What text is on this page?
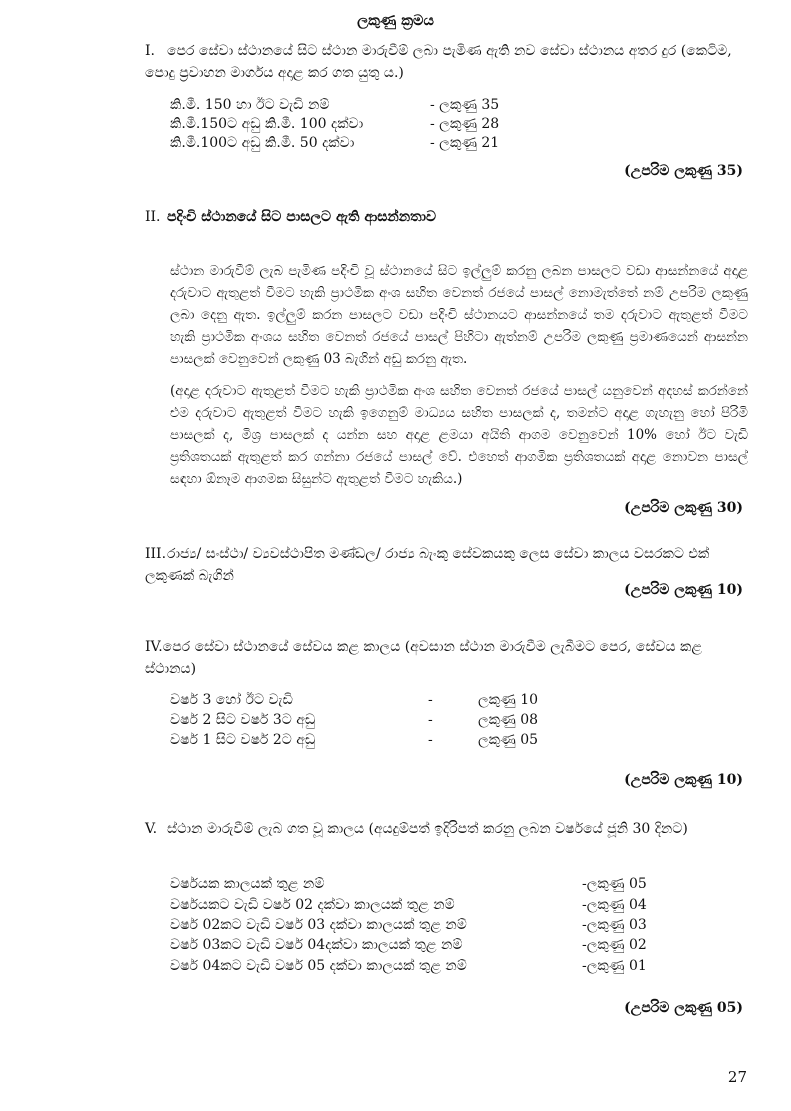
ලකුණු ක්‍රමය
I. පෙර සේවා ස්ථානයේ සිට ස්ථාන මාරුවීම් ලබා පැමිණ ඇති නව සේවා ස්ථානය අතර දුර (කෙටිම, පොදු ප්‍රවාහන මාර්ගය අදාළ කර ගත යුතු ය.)
කි.මී. 150 හා ඊට වැඩි නම්	- ලකුණු 35
කි.මී.150ට අඩු කි.මී. 100 දක්වා	- ලකුණු 28
කි.මී.100ට අඩු කි.මී. 50 දක්වා	- ලකුණු 21
(උපරිම ලකුණු 35)
II. පදිංචි ස්ථානයේ සිට පාසලට ඇති ආසන්නතාව
ස්ථාන මාරුවීම් ලැබ පැමිණ පදිංචි වූ ස්ථානයේ සිට ඉල්ලුම් කරනු ලබන පාසලට වඩා ආසන්නයේ අදාළ දරුවාට ඇතුළත් වීමට හැකි ප්‍රාථමික අංශ සහිත වෙනත් රජයේ පාසල් නොමැත්තේ නම් උපරිම ලකුණු ලබා දෙනු ඇත. ඉල්ලුම් කරන පාසලට වඩා පදිංචි ස්ථානයට ආසන්නයේ තම දරුවාට ඇතුළත් වීමට හැකි ප්‍රාථමික අංශය සහිත වෙනත් රජයේ පාසල් පිහිටා ඇත්නම් උපරිම ලකුණු ප්‍රමාණයෙන් ආසන්න පාසලක් වෙනුවෙන් ලකුණු 03 බැගින් අඩු කරනු ඇත.
(අදාළ දරුවාට ඇතුළත් වීමට හැකි ප්‍රාථමික අංශ සහිත වෙනත් රජයේ පාසල් යනුවෙන් අදහස් කරන්නේ එම දරුවාට ඇතුළත් වීමට හැකි ඉගෙනුම් මාධ්‍යය සහිත පාසලක් ද, තමන්ට අදාළ ගැහැනු හෝ පිරිමි පාසලක් ද, මිශ්‍ර පාසලක් ද යන්න සහ අදාළ ළමයා අයිති ආගම වෙනුවෙන් 10% හෝ ඊට වැඩි ප්‍රතිශතයක් ඇතුළත් කර ගන්නා රජයේ පාසල් වේ. එහෙත් ආගමික ප්‍රතිශතයක් අදාළ නොවන පාසල් සඳහා ඕනෑම ආගමක සිසුන්ට ඇතුළත් වීමට හැකිය.)
(උපරිම ලකුණු 30)
III.රාජ්‍ය/ සංස්ථා/ ව්‍යවස්ථාපිත මණ්ඩල/ රාජ්‍ය බැංකු සේවකයකු ලෙස සේවා කාලය වසරකට එක් ලකුණක් බැගින්
(උපරිම ලකුණු 10)
IV.පෙර සේවා ස්ථානයේ සේවය කළ කාලය (අවසාන ස්ථාන මාරුවීම ලැබීමට පෙර, සේවය කළ ස්ථානය)
වර්ෂ 3 හෝ ඊට වැඩි	-	ලකුණු 10
වර්ෂ 2 සිට වර්ෂ 3ට අඩු	-	ලකුණු 08
වර්ෂ 1 සිට වර්ෂ 2ට අඩු	-	ලකුණු 05
(උපරිම ලකුණු 10)
V. ස්ථාන මාරුවීම් ලැබ ගත වූ කාලය (අයදුම්පත් ඉදිරිපත් කරනු ලබන වර්ෂයේ ජූනි 30 දිනට)
වර්ෂයක කාලයක් තුළ නම්	-ලකුණු 05
වර්ෂයකට වැඩි වර්ෂ 02 දක්වා කාලයක් තුළ නම්	-ලකුණු 04
වර්ෂ 02කට වැඩි වර්ෂ 03 දක්වා කාලයක් තුළ නම්	-ලකුණු 03
වර්ෂ 03කට වැඩි වර්ෂ 04දක්වා කාලයක් තුළ නම්	-ලකුණු 02
වර්ෂ 04කට වැඩි වර්ෂ 05 දක්වා කාලයක් තුළ නම්	-ලකුණු 01
(උපරිම ලකුණු 05)
27
